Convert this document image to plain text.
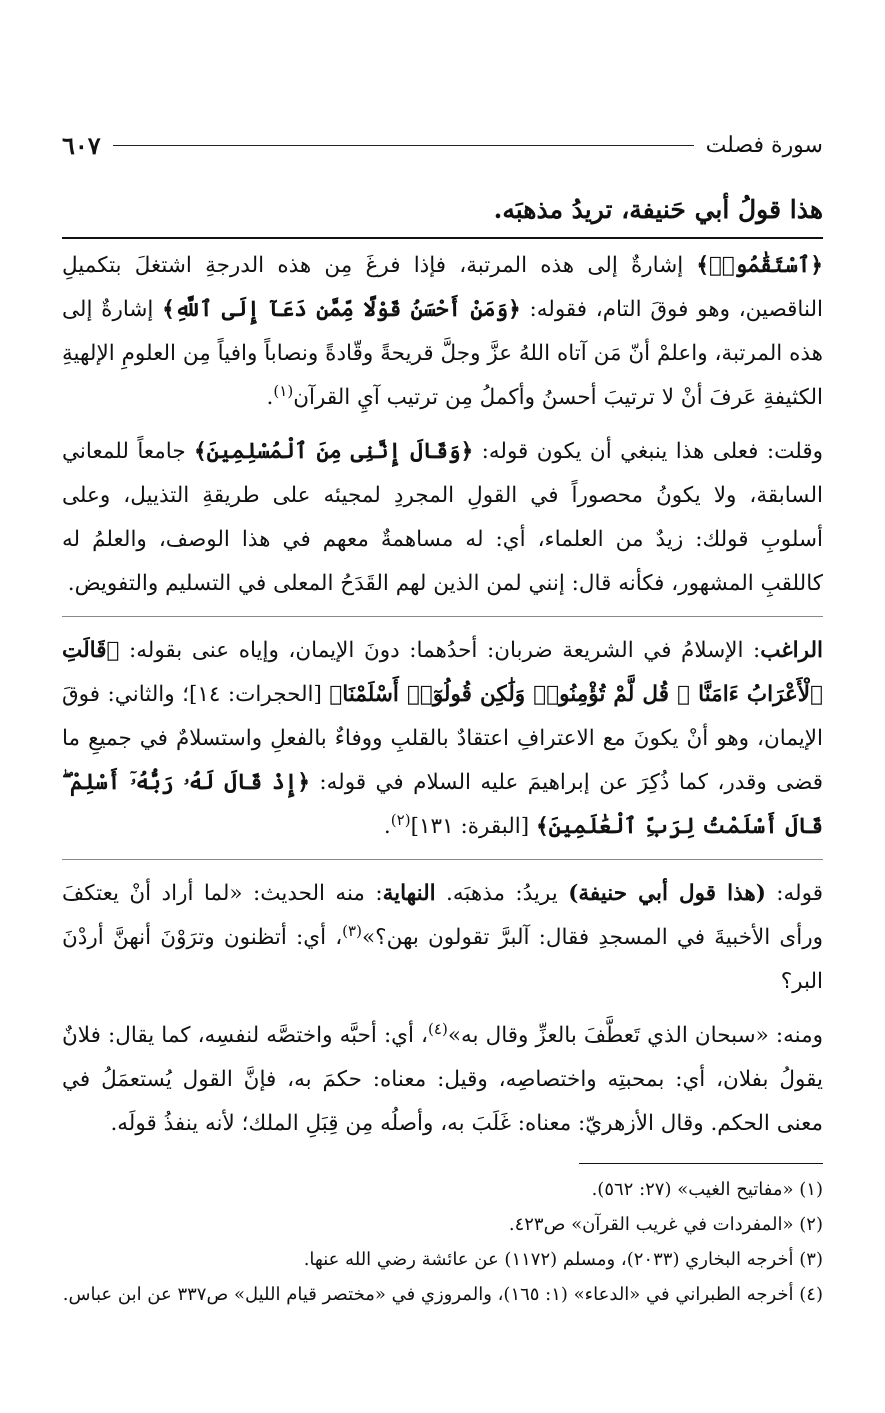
سورة فصلت
٦٠٧
هذا قولُ أبي حَنيفة، تريدُ مذهبَه.

﴿ٱسْتَقَٰمُوا۟﴾ إشارةٌ إلى هذه المرتبة، فإذا فرغَ مِن هذه الدرجةِ اشتغلَ بتكميلِ الناقصين، وهو فوقَ التام، فقوله: ﴿وَمَنْ أَحْسَنُ قَوْلًا مِّمَّن دَعَآ إِلَى ٱللَّهِ﴾ إشارةٌ إلى هذه المرتبة، واعلمْ أنّ مَن آتاه اللهُ عزَّ وجلَّ قريحةً وقّادةً ونصاباً وافياً مِن العلومِ الإلهيةِ الكثيفةِ عَرفَ أنْ لا ترتيبَ أحسنُ وأكملُ مِن ترتيب آيِ القرآن$^{(١)}$.

وقلت: فعلى هذا ينبغي أن يكون قوله: ﴿وَقَالَ إِنَّنِى مِنَ ٱلْمُسْلِمِينَ﴾ جامعاً للمعاني السابقة، ولا يكونُ محصوراً في القولِ المجردِ لمجيئه على طريقةِ التذييل، وعلى أسلوبِ قولك: زيدٌ من العلماء، أي: له مساهمةٌ معهم في هذا الوصف، والعلمُ له كاللقبِ المشهور، فكأنه قال: إنني لمن الذين لهم القَدَحُ المعلى في التسليم والتفويض.

الراغب: الإسلامُ في الشريعة ضربان: أحدُهما: دونَ الإيمان، وإياه عنى بقوله: ﴿قَالَتِ ٱلْأَعْرَابُ ءَامَنَّا ۖ قُل لَّمْ تُؤْمِنُوا۟ وَلَٰكِن قُولُوٓا۟ أَسْلَمْنَا﴾ [الحجرات: ١٤]؛ والثاني: فوقَ الإيمان، وهو أنْ يكونَ مع الاعترافِ اعتقادٌ بالقلبِ ووفاءٌ بالفعلِ واستسلامٌ في جميعِ ما قضى وقدر، كما ذُكِرَ عن إبراهيمَ عليه السلام في قوله: ﴿إِذْ قَالَ لَهُۥ رَبُّهُۥٓ أَسْلِمْ ۖ قَالَ أَسْلَمْتُ لِرَبِّ ٱلْعَٰلَمِينَ﴾ [البقرة: ١٣١]$^{(٢)}$.

قوله: (هذا قول أبي حنيفة) يريدُ: مذهبَه. النهاية: منه الحديث: «لما أراد أنْ يعتكفَ ورأى الأخبيةَ في المسجدِ فقال: آلبرَّ تقولون بهن؟»$^{(٣)}$، أي: أتظنون وترَوْنَ أنهنَّ أردْنَ البر؟

ومنه: «سبحان الذي تَعطَّفَ بالعزِّ وقال به»$^{(٤)}$، أي: أحبَّه واختصَّه لنفسِه، كما يقال: فلانٌ يقولُ بفلان، أي: بمحبتِه واختصاصِه، وقيل: معناه: حكمَ به، فإنَّ القول يُستعمَلُ في معنى الحكم. وقال الأزهريّ: معناه: غَلَبَ به، وأصلُه مِن قِبَلِ الملك؛ لأنه ينفذُ قولَه.

(١) «مفاتيح الغيب» (٢٧: ٥٦٢).
(٢) «المفردات في غريب القرآن» ص٤٢٣.
(٣) أخرجه البخاري (٢٠٣٣)، ومسلم (١١٧٢) عن عائشة رضي الله عنها.
(٤) أخرجه الطبراني في «الدعاء» (١: ١٦٥)، والمروزي في «مختصر قيام الليل» ص٣٣٧ عن ابن عباس.
